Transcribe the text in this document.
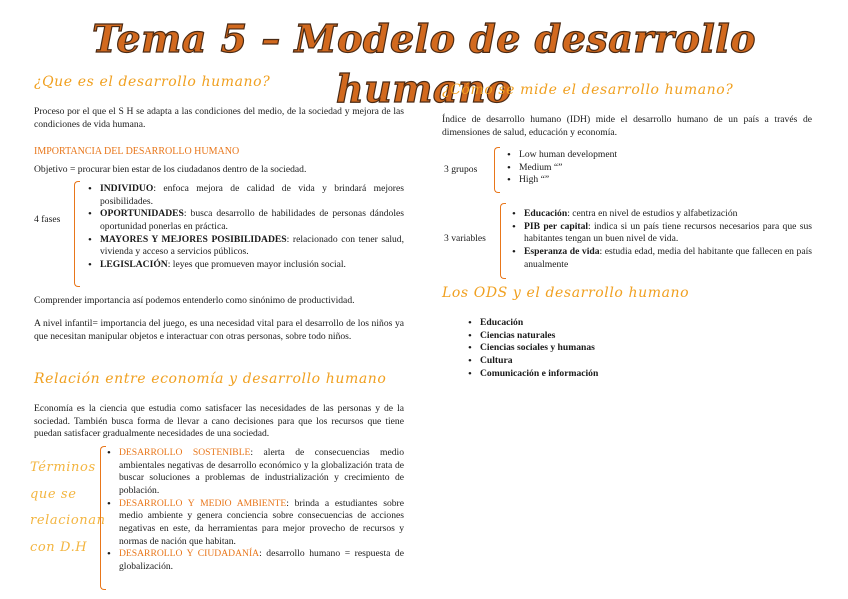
Tema 5 – Modelo de desarrollo humano
¿Que es el desarrollo humano?

Proceso por el que el S H se adapta a las condiciones del medio, de la sociedad y mejora de las condiciones de vida humana.

IMPORTANCIA DEL DESARROLLO HUMANO

Objetivo = procurar bien estar de los ciudadanos dentro de la sociedad.

4 fases
• INDIVIDUO: enfoca mejora de calidad de vida y brindará mejores posibilidades.
• OPORTUNIDADES: busca desarrollo de habilidades de personas dándoles oportunidad ponerlas en práctica.
• MAYORES Y MEJORES POSIBILIDADES: relacionado con tener salud, vivienda y acceso a servicios públicos.
• LEGISLACIÓN: leyes que promueven mayor inclusión social.

Comprender importancia así podemos entenderlo como sinónimo de productividad.

A nivel infantil= importancia del juego, es una necesidad vital para el desarrollo de los niños ya que necesitan manipular objetos e interactuar con otras personas, sobre todo niños.

Relación entre economía y desarrollo humano

Economía es la ciencia que estudia como satisfacer las necesidades de las personas y de la sociedad. También busca forma de llevar a cano decisiones para que los recursos que tiene puedan satisfacer gradualmente necesidades de una sociedad.

Términos que se relacionan con D.H
• DESARROLLO SOSTENIBLE: alerta de consecuencias medio ambientales negativas de desarrollo económico y la globalización trata de buscar soluciones a problemas de industrialización y crecimiento de población.
• DESARROLLO Y MEDIO AMBIENTE: brinda a estudiantes sobre medio ambiente y genera conciencia sobre consecuencias de acciones negativas en este, da herramientas para mejor provecho de recursos y normas de nación que habitan.
• DESARROLLO Y CIUDADANÍA: desarrollo humano = respuesta de globalización.
¿Cómo se mide el desarrollo humano?

Índice de desarrollo humano (IDH) mide el desarrollo humano de un país a través de dimensiones de salud, educación y economía.

3 grupos
• Low human development
• Medium “”
• High “”
3 variables
• Educación: centra en nivel de estudios y alfabetización
• PIB per capital: indica si un país tiene recursos necesarios para que sus habitantes tengan un buen nivel de vida.
• Esperanza de vida: estudia edad, media del habitante que fallecen en país anualmente
Los ODS y el desarrollo humano
• Educación
• Ciencias naturales
• Ciencias sociales y humanas
• Cultura
• Comunicación e información
